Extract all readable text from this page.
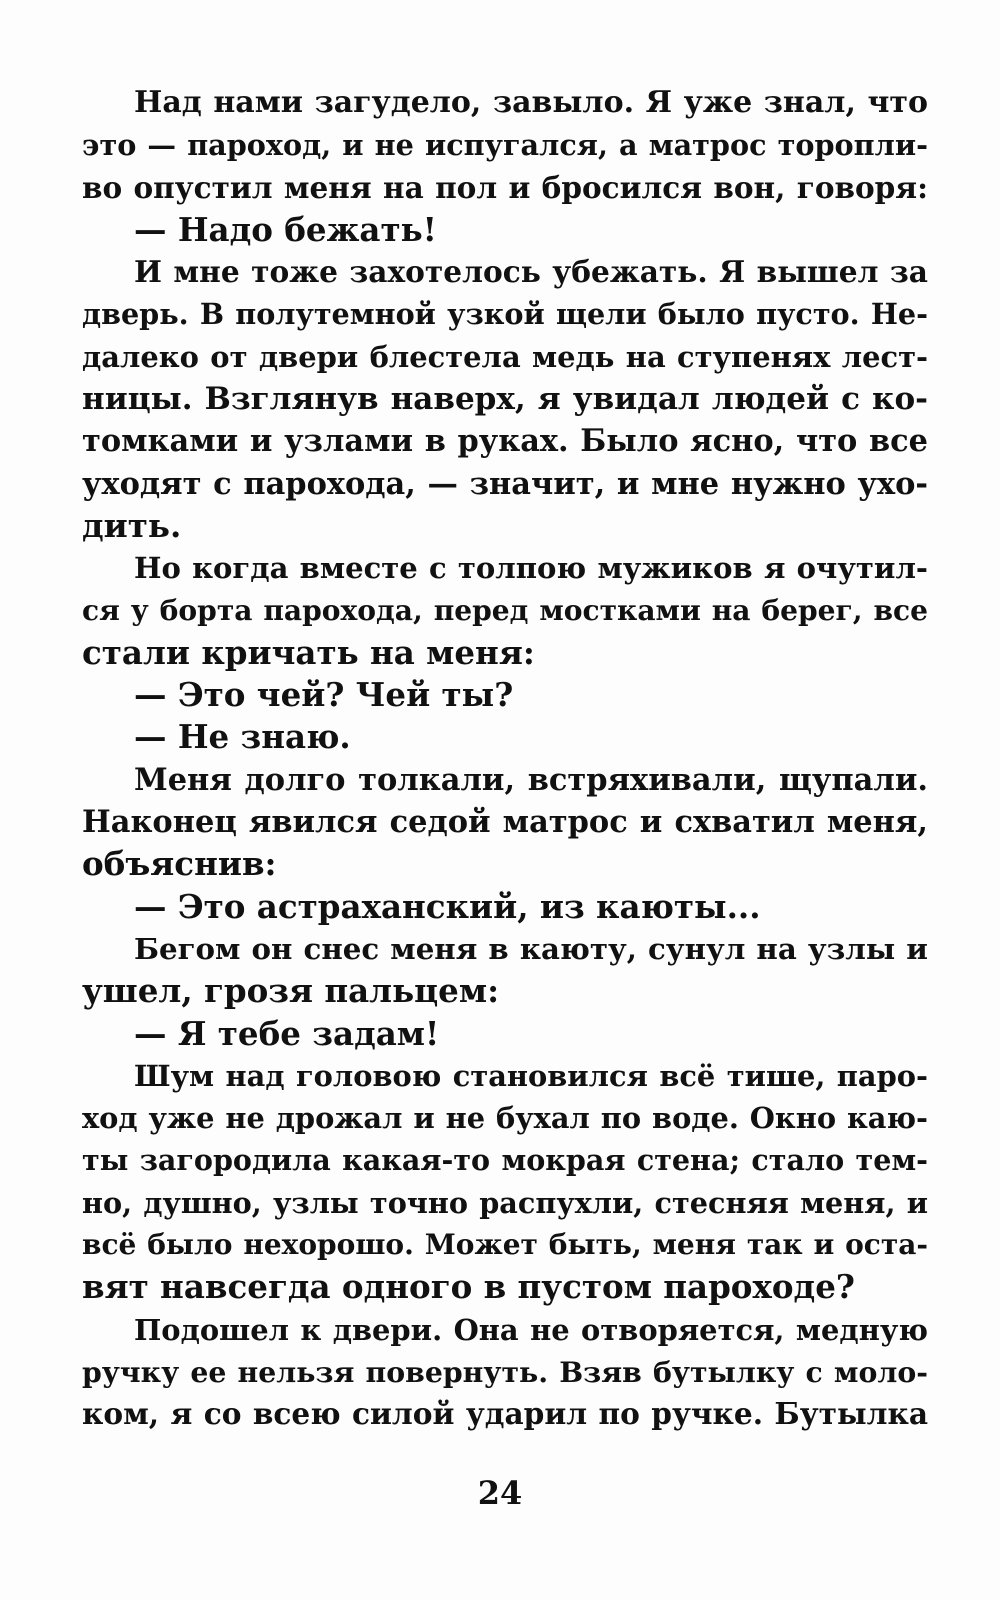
Над нами загудело, завыло. Я уже знал, что
это — пароход, и не испугался, а матрос торопли-
во опустил меня на пол и бросился вон, говоря:

— Надо бежать!

И мне тоже захотелось убежать. Я вышел за
дверь. В полутемной узкой щели было пусто. Не-
далеко от двери блестела медь на ступенях лест-
ницы. Взглянув наверх, я увидал людей с ко-
томками и узлами в руках. Было ясно, что все
уходят с парохода, — значит, и мне нужно ухо-
дить.

Но когда вместе с толпою мужиков я очутил-
ся у борта парохода, перед мостками на берег, все
стали кричать на меня:

— Это чей? Чей ты?

— Не знаю.

Меня долго толкали, встряхивали, щупали.
Наконец явился седой матрос и схватил меня,
объяснив:

— Это астраханский, из каюты...

Бегом он снес меня в каюту, сунул на узлы и
ушел, грозя пальцем:

— Я тебе задам!

Шум над головою становился всё тише, паро-
ход уже не дрожал и не бухал по воде. Окно каю-
ты загородила какая-то мокрая стена; стало тем-
но, душно, узлы точно распухли, стесняя меня, и
всё было нехорошо. Может быть, меня так и оста-
вят навсегда одного в пустом пароходе?

Подошел к двери. Она не отворяется, медную
ручку ее нельзя повернуть. Взяв бутылку с моло-
ком, я со всею силой ударил по ручке. Бутылка

24
